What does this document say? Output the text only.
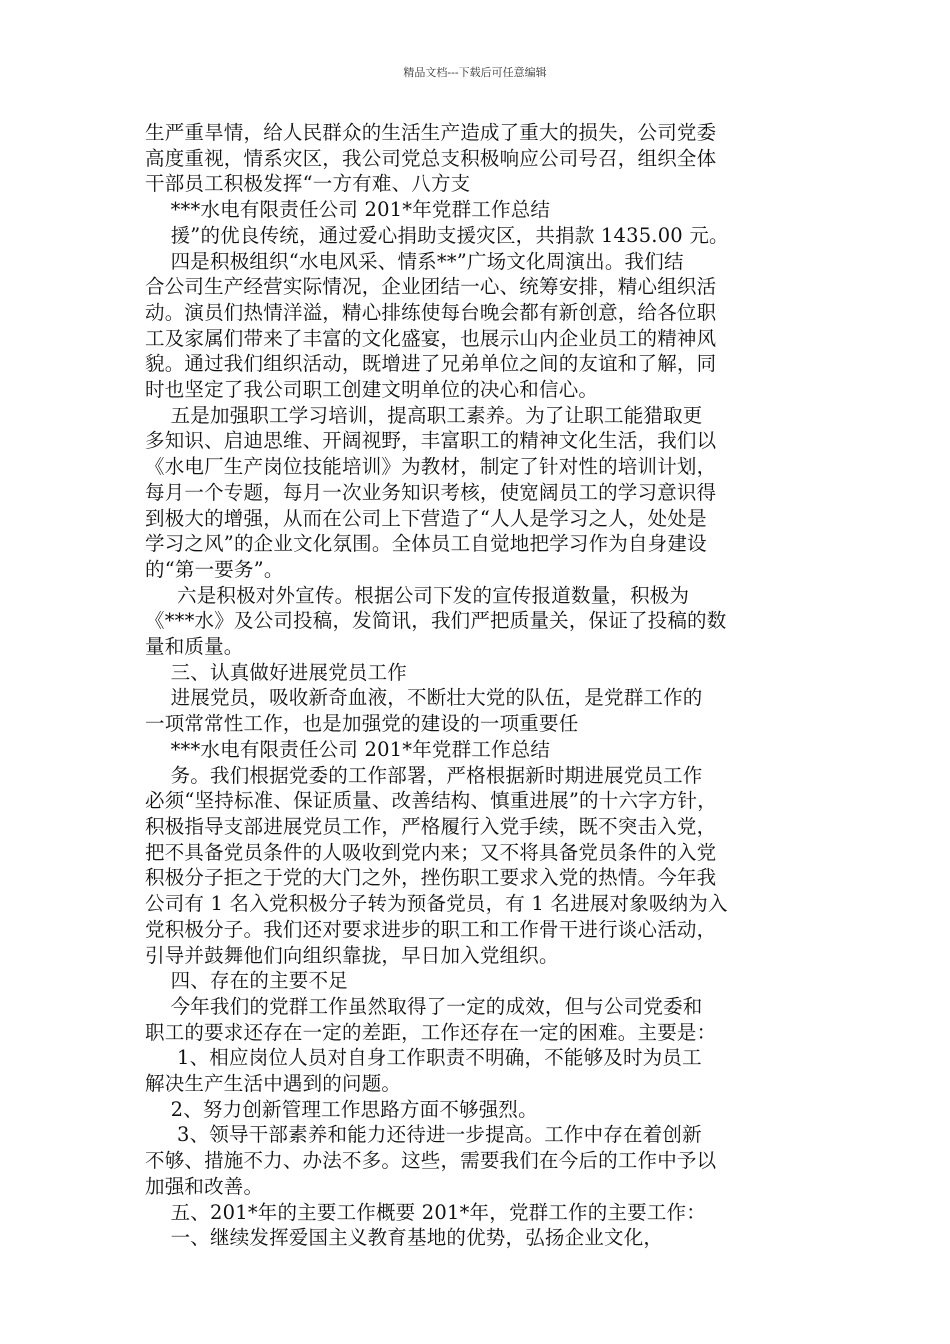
精品文档---下载后可任意编辑

生严重旱情，给人民群众的生活生产造成了重大的损失，公司党委

高度重视，情系灾区，我公司党总支积极响应公司号召，组织全体

干部员工积极发挥“一方有难、八方支

***水电有限责任公司 201*年党群工作总结

援”的优良传统，通过爱心捐助支援灾区，共捐款 1435.00 元。

四是积极组织“水电风采、情系**”广场文化周演出。我们结

合公司生产经营实际情况，企业团结一心、统筹安排，精心组织活

动。演员们热情洋溢，精心排练使每台晚会都有新创意，给各位职

工及家属们带来了丰富的文化盛宴，也展示山内企业员工的精神风

貌。通过我们组织活动，既增进了兄弟单位之间的友谊和了解，同

时也坚定了我公司职工创建文明单位的决心和信心。

五是加强职工学习培训，提高职工素养。为了让职工能猎取更

多知识、启迪思维、开阔视野，丰富职工的精神文化生活，我们以

《水电厂生产岗位技能培训》为教材，制定了针对性的培训计划，

每月一个专题，每月一次业务知识考核，使宽阔员工的学习意识得

到极大的增强，从而在公司上下营造了“人人是学习之人，处处是

学习之风”的企业文化氛围。全体员工自觉地把学习作为自身建设

的“第一要务”。

六是积极对外宣传。根据公司下发的宣传报道数量，积极为

《***水》及公司投稿，发简讯，我们严把质量关，保证了投稿的数

量和质量。

三、认真做好进展党员工作

进展党员，吸收新奇血液，不断壮大党的队伍，是党群工作的

一项常常性工作，也是加强党的建设的一项重要任

***水电有限责任公司 201*年党群工作总结

务。我们根据党委的工作部署，严格根据新时期进展党员工作

必须“坚持标准、保证质量、改善结构、慎重进展”的十六字方针，

积极指导支部进展党员工作，严格履行入党手续，既不突击入党，

把不具备党员条件的人吸收到党内来；又不将具备党员条件的入党

积极分子拒之于党的大门之外，挫伤职工要求入党的热情。今年我

公司有 1 名入党积极分子转为预备党员，有 1 名进展对象吸纳为入

党积极分子。我们还对要求进步的职工和工作骨干进行谈心活动，

引导并鼓舞他们向组织靠拢，早日加入党组织。

四、存在的主要不足

今年我们的党群工作虽然取得了一定的成效，但与公司党委和

职工的要求还存在一定的差距，工作还存在一定的困难。主要是：

1、相应岗位人员对自身工作职责不明确，不能够及时为员工

解决生产生活中遇到的问题。

2、努力创新管理工作思路方面不够强烈。

3、领导干部素养和能力还待进一步提高。工作中存在着创新

不够、措施不力、办法不多。这些，需要我们在今后的工作中予以

加强和改善。

五、201*年的主要工作概要 201*年，党群工作的主要工作：

一、继续发挥爱国主义教育基地的优势，弘扬企业文化，
